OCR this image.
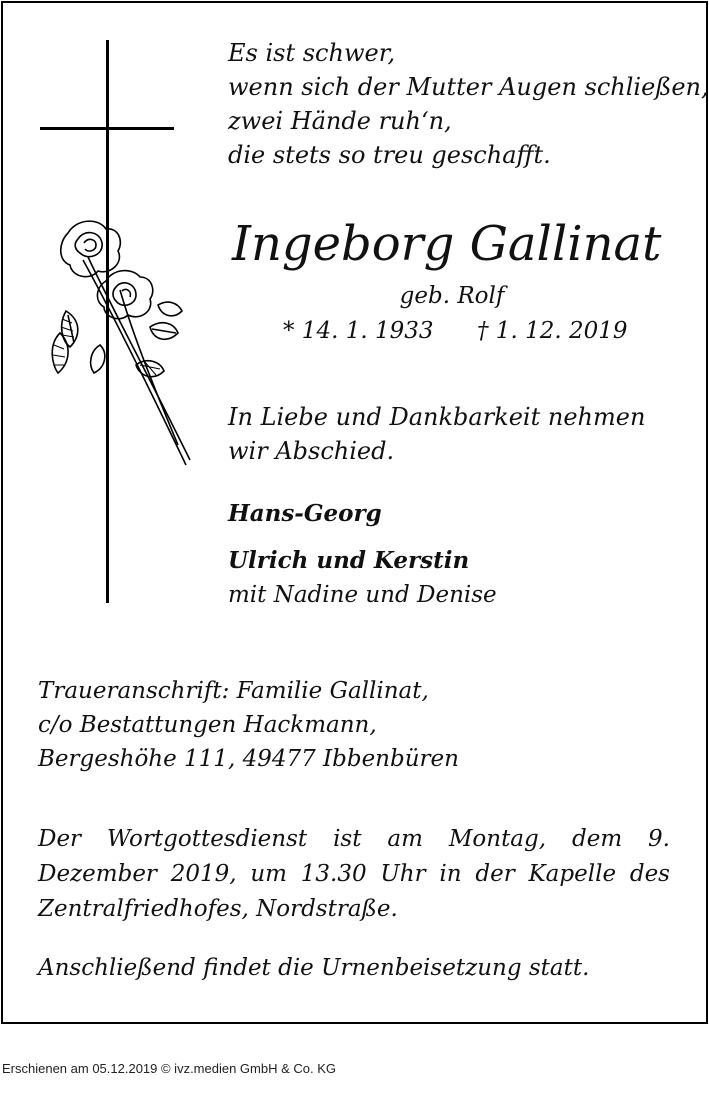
Es ist schwer,
wenn sich der Mutter Augen schließen,
zwei Hände ruh‘n,
die stets so treu geschafft.
Ingeborg Gallinat
geb. Rolf
* 14. 1. 1933 † 1. 12. 2019
In Liebe und Dankbarkeit nehmen wir Abschied.
Hans-Georg
Ulrich und Kerstin
mit Nadine und Denise
Traueranschrift: Familie Gallinat,
c/o Bestattungen Hackmann,
Bergeshöhe 111, 49477 Ibbenbüren
Der Wortgottesdienst ist am Montag, dem 9. Dezember 2019, um 13.30 Uhr in der Kapelle des Zentralfriedhofes, Nordstraße.
Anschließend findet die Urnenbeisetzung statt.
Erschienen am 05.12.2019 © ivz.medien GmbH & Co. KG
